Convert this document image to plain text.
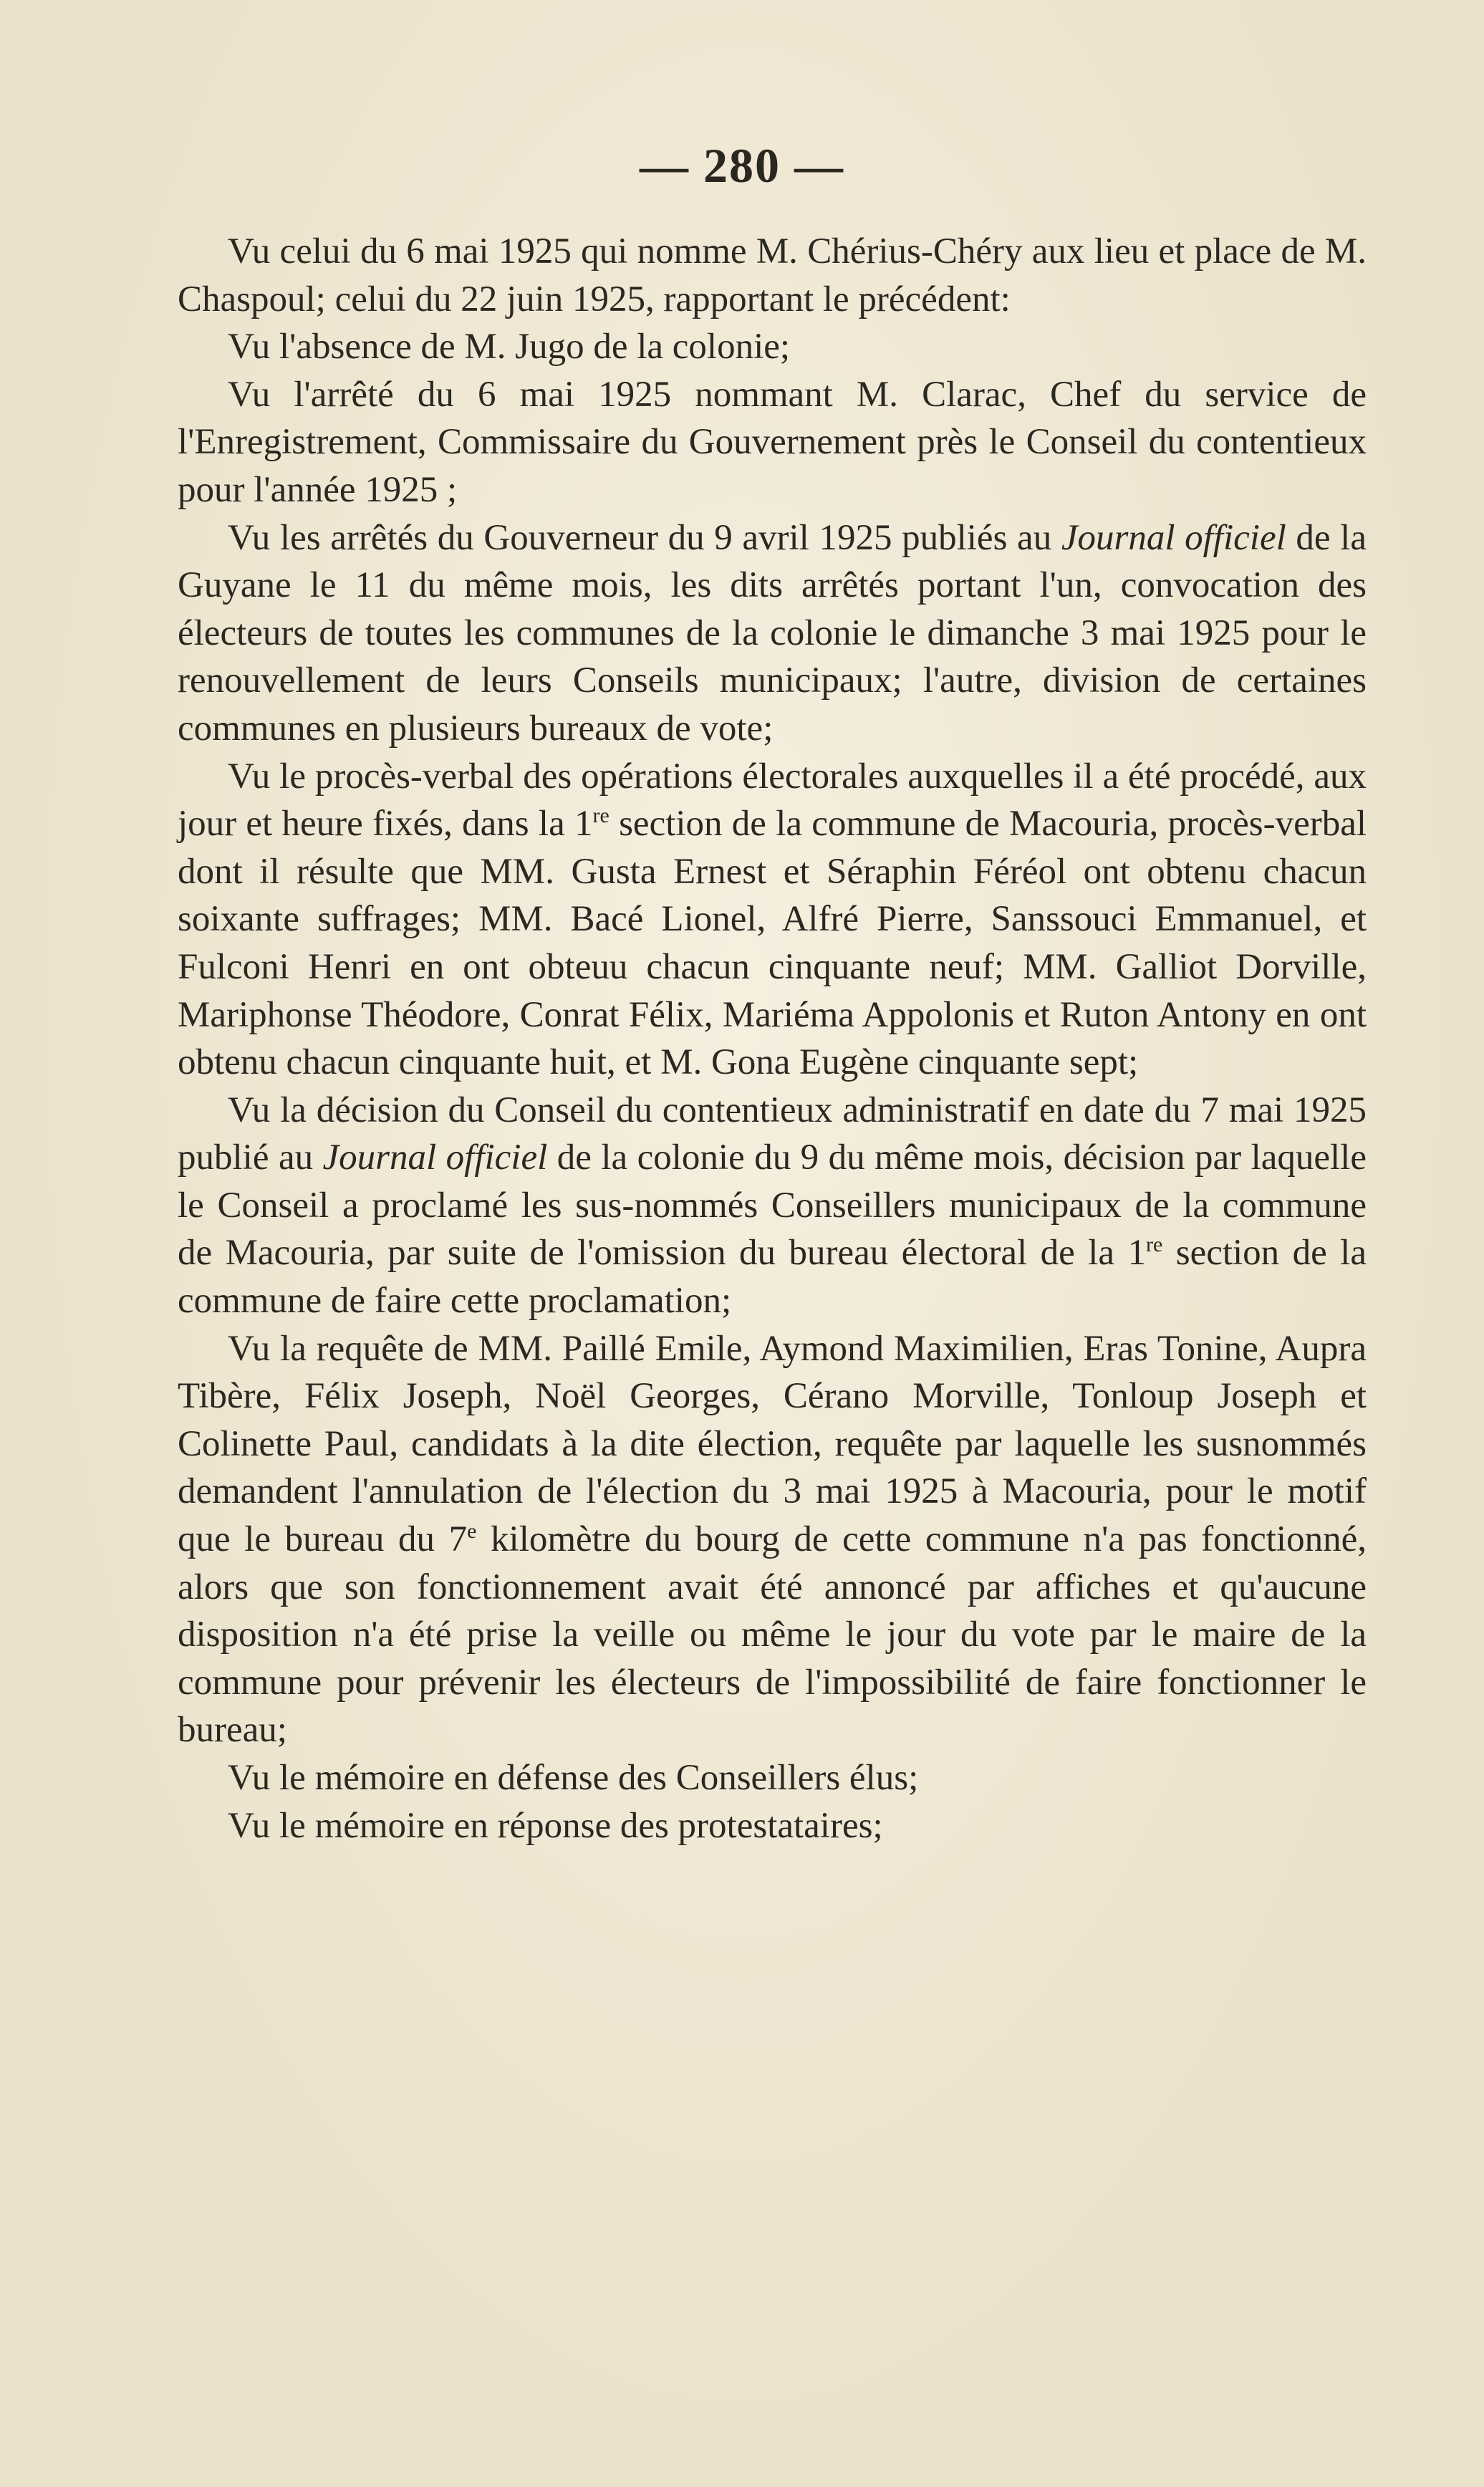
— 280 —

Vu celui du 6 mai 1925 qui nomme M. Chérius-Chéry aux lieu et place de M. Chaspoul; celui du 22 juin 1925, rapportant le précédent:

Vu l'absence de M. Jugo de la colonie;

Vu l'arrêté du 6 mai 1925 nommant M. Clarac, Chef du service de l'Enregistrement, Commissaire du Gouvernement près le Conseil du contentieux pour l'année 1925 ;

Vu les arrêtés du Gouverneur du 9 avril 1925 publiés au Journal officiel de la Guyane le 11 du même mois, les dits arrêtés portant l'un, convocation des électeurs de toutes les communes de la colonie le dimanche 3 mai 1925 pour le renouvellement de leurs Conseils municipaux; l'autre, division de certaines communes en plusieurs bureaux de vote;

Vu le procès-verbal des opérations électorales auxquelles il a été procédé, aux jour et heure fixés, dans la 1re section de la commune de Macouria, procès-verbal dont il résulte que MM. Gusta Ernest et Séraphin Féréol ont obtenu chacun soixante suffrages; MM. Bacé Lionel, Alfré Pierre, Sanssouci Emmanuel, et Fulconi Henri en ont obteuu chacun cinquante neuf; MM. Galliot Dorville, Mariphonse Théodore, Conrat Félix, Mariéma Appolonis et Ruton Antony en ont obtenu chacun cinquante huit, et M. Gona Eugène cinquante sept;

Vu la décision du Conseil du contentieux administratif en date du 7 mai 1925 publié au Journal officiel de la colonie du 9 du même mois, décision par laquelle le Conseil a proclamé les sus-nommés Conseillers municipaux de la commune de Macouria, par suite de l'omission du bureau électoral de la 1re section de la commune de faire cette proclamation;

Vu la requête de MM. Paillé Emile, Aymond Maximilien, Eras Tonine, Aupra Tibère, Félix Joseph, Noël Georges, Cérano Morville, Tonloup Joseph et Colinette Paul, candidats à la dite élection, requête par laquelle les susnommés demandent l'annulation de l'élection du 3 mai 1925 à Macouria, pour le motif que le bureau du 7e kilomètre du bourg de cette commune n'a pas fonctionné, alors que son fonctionnement avait été annoncé par affiches et qu'aucune disposition n'a été prise la veille ou même le jour du vote par le maire de la commune pour prévenir les électeurs de l'impossibilité de faire fonctionner le bureau;

Vu le mémoire en défense des Conseillers élus;

Vu le mémoire en réponse des protestataires;
